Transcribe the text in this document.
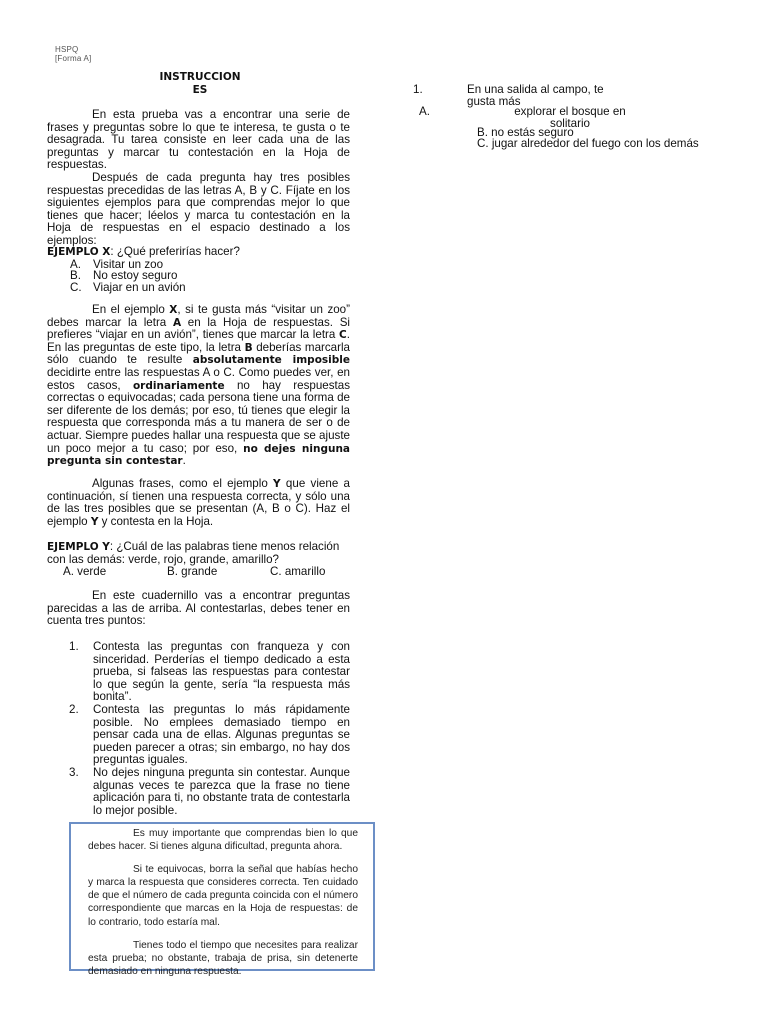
HSPQ
[Forma A]
INSTRUCCION
ES

En esta prueba vas a encontrar una serie de frases y preguntas sobre lo que te interesa, te gusta o te desagrada. Tu tarea consiste en leer cada una de las preguntas y marcar tu contestación en la Hoja de respuestas.

Después de cada pregunta hay tres posibles respuestas precedidas de las letras A, B y C. Fíjate en los siguientes ejemplos para que comprendas mejor lo que tienes que hacer; léelos y marca tu contestación en la Hoja de respuestas en el espacio destinado a los ejemplos:

EJEMPLO X: ¿Qué preferirías hacer?

A. Visitar un zoo
B. No estoy seguro
C. Viajar en un avión

En el ejemplo X, si te gusta más “visitar un zoo” debes marcar la letra A en la Hoja de respuestas. Si prefieres “viajar en un avión”, tienes que marcar la letra C. En las preguntas de este tipo, la letra B deberías marcarla sólo cuando te resulte absolutamente imposible decidirte entre las respuestas A o C. Como puedes ver, en estos casos, ordinariamente no hay respuestas correctas o equivocadas; cada persona tiene una forma de ser diferente de los demás; por eso, tú tienes que elegir la respuesta que corresponda más a tu manera de ser o de actuar. Siempre puedes hallar una respuesta que se ajuste un poco mejor a tu caso; por eso, no dejes ninguna pregunta sin contestar.

Algunas frases, como el ejemplo Y que viene a continuación, sí tienen una respuesta correcta, y sólo una de las tres posibles que se presentan (A, B o C). Haz el ejemplo Y y contesta en la Hoja.

EJEMPLO Y: ¿Cuál de las palabras tiene menos relación con las demás: verde, rojo, grande, amarillo?

A. verde	B. grande	C. amarillo

En este cuadernillo vas a encontrar preguntas parecidas a las de arriba. Al contestarlas, debes tener en cuenta tres puntos:

1. Contesta las preguntas con franqueza y con sinceridad. Perderías el tiempo dedicado a esta prueba, si falseas las respuestas para contestar lo que según la gente, sería “la respuesta más bonita”.
2. Contesta las preguntas lo más rápidamente posible. No emplees demasiado tiempo en pensar cada una de ellas. Algunas preguntas se pueden parecer a otras; sin embargo, no hay dos preguntas iguales.
3. No dejes ninguna pregunta sin contestar. Aunque algunas veces te parezca que la frase no tiene aplicación para ti, no obstante trata de contestarla lo mejor posible.

Es muy importante que comprendas bien lo que debes hacer. Si tienes alguna dificultad, pregunta ahora.

Si te equivocas, borra la señal que habías hecho y marca la respuesta que consideres correcta. Ten cuidado de que el número de cada pregunta coincida con el número correspondiente que marcas en la Hoja de respuestas: de lo contrario, todo estaría mal.

Tienes todo el tiempo que necesites para realizar esta prueba; no obstante, trabaja de prisa, sin detenerte demasiado en ninguna respuesta.

1.	En una salida al campo, te
gusta más
A.	explorar el bosque en
solitario
B. no estás seguro
C. jugar alrededor del fuego con los demás
